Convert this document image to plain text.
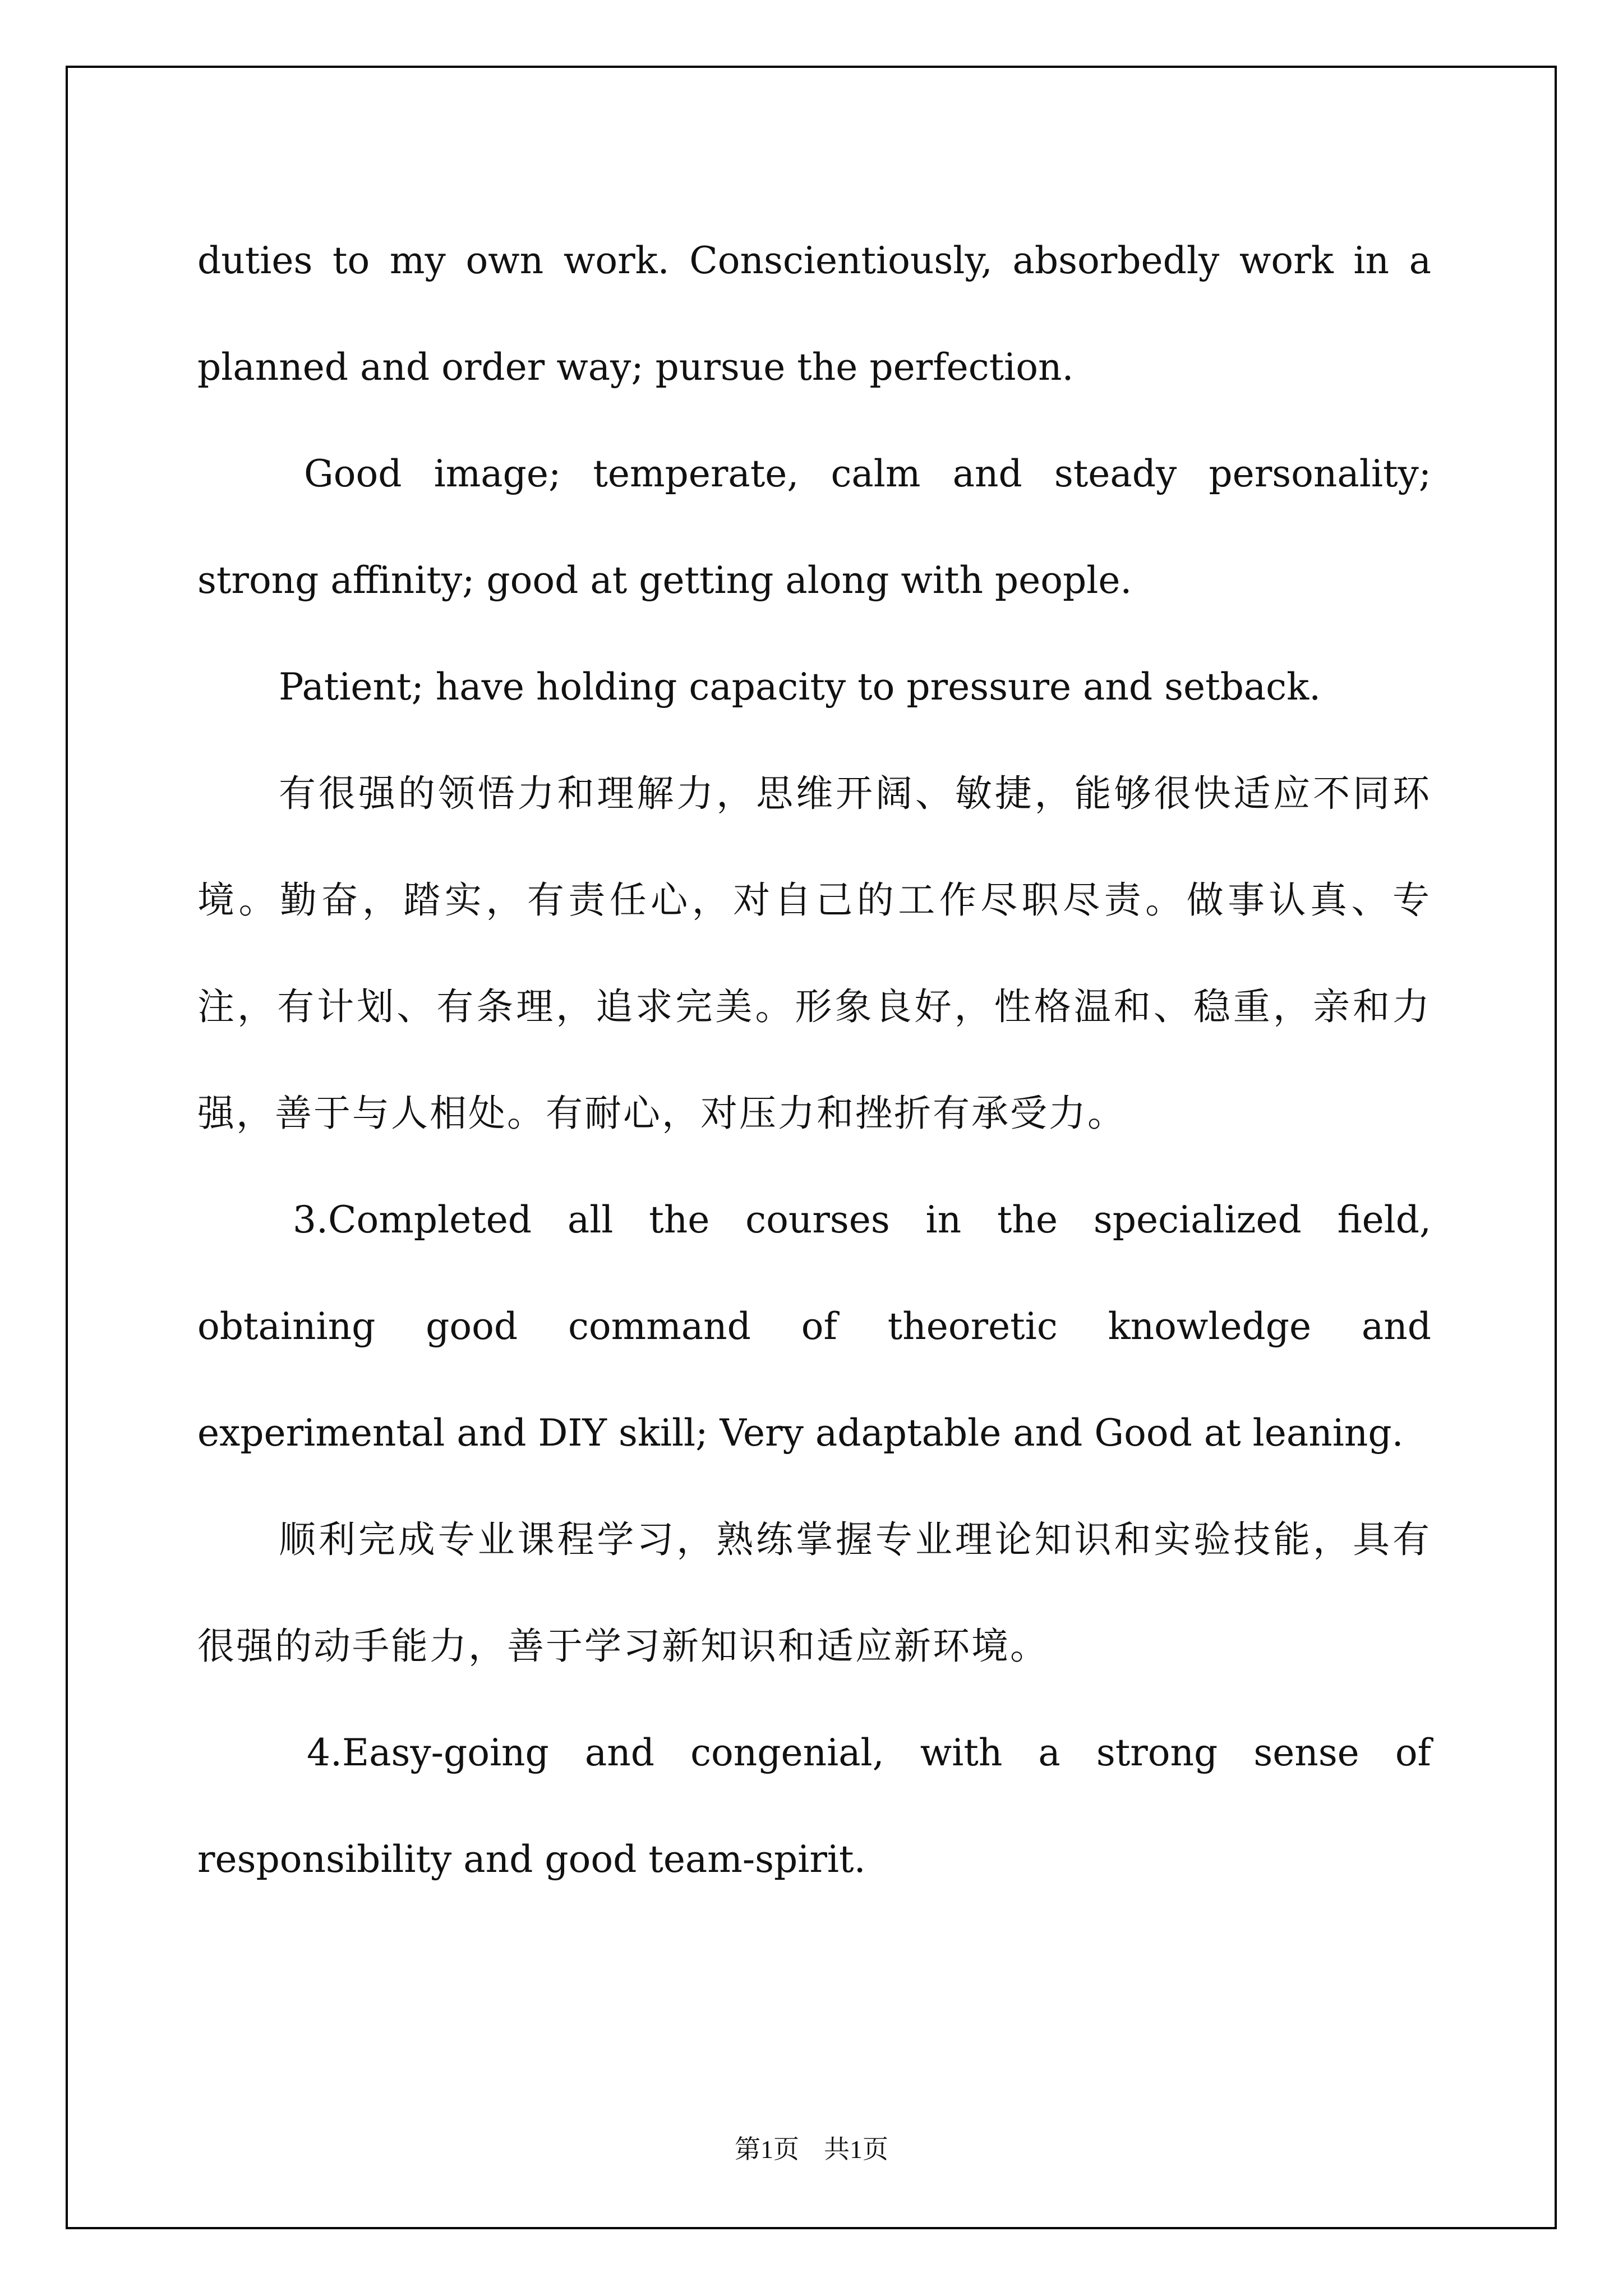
duties to my own work. Conscientiously, absorbedly work in a planned and order way; pursue the perfection.

Good image; temperate, calm and steady personality; strong affinity; good at getting along with people.

Patient; have holding capacity to pressure and setback.

有很强的领悟力和理解力，思维开阔、敏捷，能够很快适应不同环境。勤奋，踏实，有责任心，对自己的工作尽职尽责。做事认真、专注，有计划、有条理，追求完美。形象良好，性格温和、稳重，亲和力强，善于与人相处。有耐心，对压力和挫折有承受力。

3.Completed all the courses in the specialized field, obtaining good command of theoretic knowledge and experimental and DIY skill; Very adaptable and Good at leaning.

顺利完成专业课程学习，熟练掌握专业理论知识和实验技能，具有很强的动手能力，善于学习新知识和适应新环境。

4.Easy-going and congenial, with a strong sense of responsibility and good team-spirit.

第1页 共1页
